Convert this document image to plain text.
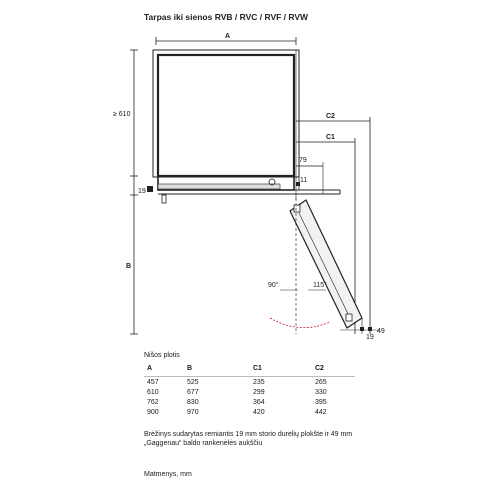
Tarpas iki sienos RVB / RVC / RVF / RVW
A
≥ 610
19
B
C2
C1
79
11
90°	115°
19
49
Nišos plotis
A	B	C1	C2
457	525	235	265
610	677	299	330
762	830	364	395
900	970	420	442
Brėžinys sudarytas remiantis 19 mm storio durelių plokšte ir 49 mm „Gaggenau“ baldo rankenėlės aukščiu
Matmenys, mm
